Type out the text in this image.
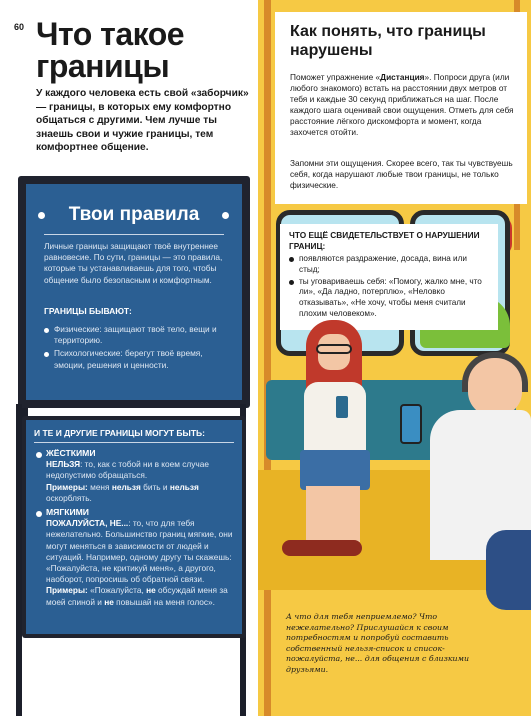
60 Что такое границы
У каждого человека есть свой «заборчик» — границы, в которых ему комфортно общаться с другими. Чем лучше ты знаешь свои и чужие границы, тем комфортнее общение.
Твои правила
Личные границы защищают твоё внутреннее равновесие. По сути, границы — это правила, которые ты устанавливаешь для того, чтобы общение было безопасным и комфортным.
ГРАНИЦЫ БЫВАЮТ:
Физические: защищают твоё тело, вещи и территорию.
Психологические: берегут твоё время, эмоции, решения и ценности.
И ТЕ И ДРУГИЕ ГРАНИЦЫ МОГУТ БЫТЬ:
ЖЁСТКИМИ
НЕЛЬЗЯ: то, как с тобой ни в коем случае недопустимо обращаться.
Примеры: меня нельзя бить и нельзя оскорблять.
МЯГКИМИ
ПОЖАЛУЙСТА, НЕ...: то, что для тебя нежелательно. Большинство границ мягкие, они могут меняться в зависимости от людей и ситуаций. Например, одному другу ты скажешь: «Пожалуйста, не критикуй меня», а другого, наоборот, попросишь об обратной связи.
Примеры: «Пожалуйста, не обсуждай меня за моей спиной и не повышай на меня голос».
Как понять, что границы нарушены
Поможет упражнение «Дистанция». Попроси друга (или любого знакомого) встать на расстоянии двух метров от тебя и каждые 30 секунд приближаться на шаг. После каждого шага оценивай свои ощущения. Отметь для себя расстояние лёгкого дискомфорта и момент, когда захочется отойти.
Запомни эти ощущения. Скорее всего, так ты чувствуешь себя, когда нарушают любые твои границы, не только физические.
ЧТО ЕЩЁ СВИДЕТЕЛЬСТВУЕТ О НАРУШЕНИИ ГРАНИЦ:
появляются раздражение, досада, вина или стыд;
ты уговариваешь себя: «Помогу, жалко мне, что ли», «Да ладно, потерплю», «Неловко отказывать», «Не хочу, чтобы меня считали плохим человеком».
А что для тебя неприемлемо? Что нежелательно? Прислушайся к своим потребностям и попробуй составить собственный нельзя-список и список-пожалуйста, не... для общения с близкими друзьями.
